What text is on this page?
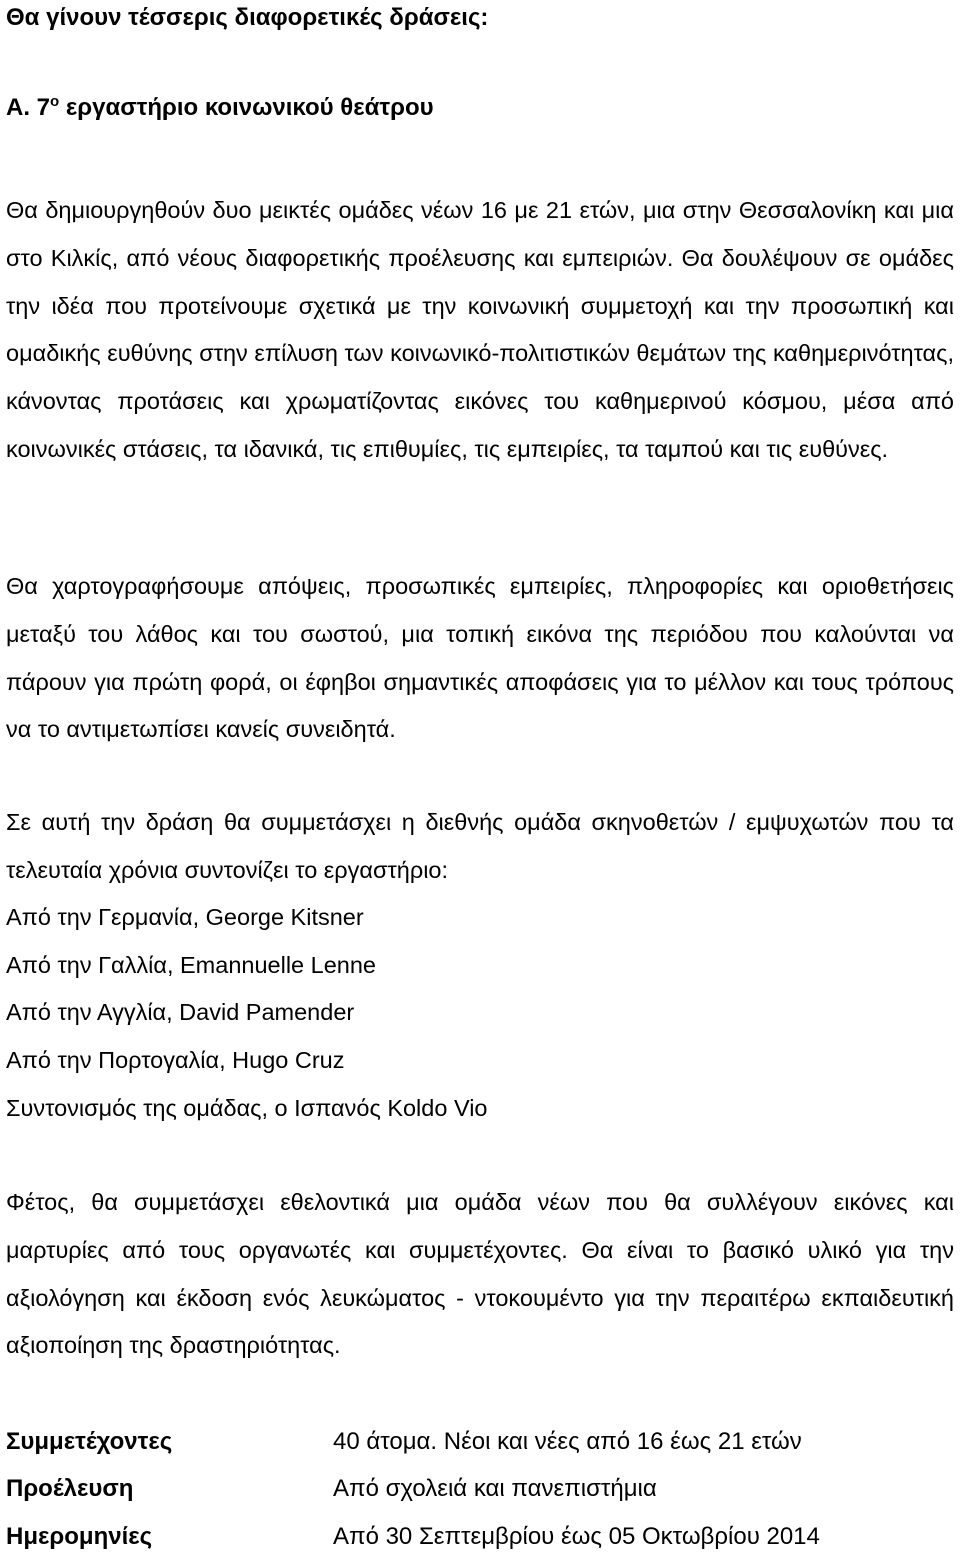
Θα γίνουν τέσσερις διαφορετικές δράσεις:

Α. $7^o$ εργαστήριο κοινωνικού θεάτρου

Θα δημιουργηθούν δυο μεικτές ομάδες νέων 16 με 21 ετών, μια στην Θεσσαλονίκη και μια στο Κιλκίς, από νέους διαφορετικής προέλευσης και εμπειριών. Θα δουλέψουν σε ομάδες την ιδέα που προτείνουμε σχετικά με την κοινωνική συμμετοχή και την προσωπική και ομαδικής ευθύνης στην επίλυση των κοινωνικό-πολιτιστικών θεμάτων της καθημερινότητας, κάνοντας προτάσεις και χρωματίζοντας εικόνες του καθημερινού κόσμου, μέσα από κοινωνικές στάσεις, τα ιδανικά, τις επιθυμίες, τις εμπειρίες, τα ταμπού και τις ευθύνες.

Θα χαρτογραφήσουμε απόψεις, προσωπικές εμπειρίες, πληροφορίες και οριοθετήσεις μεταξύ του λάθος και του σωστού, μια τοπική εικόνα της περιόδου που καλούνται να πάρουν για πρώτη φορά, οι έφηβοι σημαντικές αποφάσεις για το μέλλον και τους τρόπους να το αντιμετωπίσει κανείς συνειδητά.

Σε αυτή την δράση θα συμμετάσχει η διεθνής ομάδα σκηνοθετών / εμψυχωτών που τα τελευταία χρόνια συντονίζει το εργαστήριο:

Από την Γερμανία, George Kitsner
Από την Γαλλία, Emannuelle Lenne
Από την Αγγλία, David Pamender
Από την Πορτογαλία, Hugo Cruz
Συντονισμός της ομάδας, ο Ισπανός Koldo Vio

Φέτος, θα συμμετάσχει εθελοντικά μια ομάδα νέων που θα συλλέγουν εικόνες και μαρτυρίες από τους οργανωτές και συμμετέχοντες. Θα είναι το βασικό υλικό για την αξιολόγηση και έκδοση ενός λευκώματος - ντοκουμέντο για την περαιτέρω εκπαιδευτική αξιοποίηση της δραστηριότητας.

Συμμετέχοντες	40 άτομα. Νέοι και νέες από 16 έως 21 ετών
Προέλευση	Από σχολειά και πανεπιστήμια
Ημερομηνίες	Από 30 Σεπτεμβρίου έως 05 Οκτωβρίου 2014
